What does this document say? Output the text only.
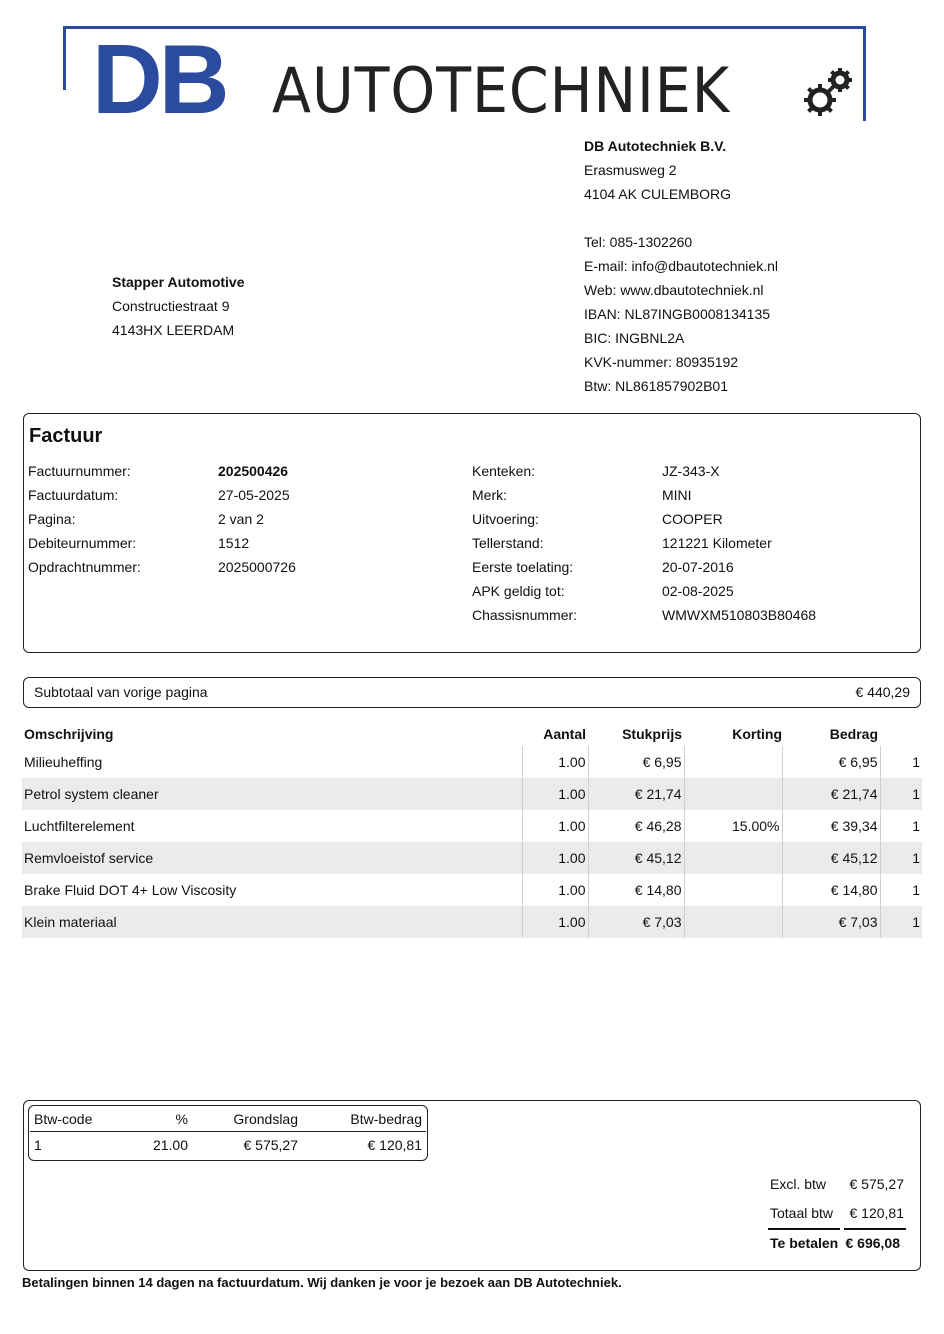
DB AUTOTECHNIEK
DB Autotechniek B.V.
Erasmusweg 2
4104 AK CULEMBORG
Tel: 085-1302260
E-mail: info@dbautotechniek.nl
Web: www.dbautotechniek.nl
IBAN: NL87INGB0008134135
BIC: INGBNL2A
KVK-nummer: 80935192
Btw: NL861857902B01
Stapper Automotive
Constructiestraat 9
4143HX LEERDAM
Factuur
Factuurnummer:	202500426
Factuurdatum:	27-05-2025
Pagina:	2 van 2
Debiteurnummer:	1512
Opdrachtnummer:	2025000726
Kenteken:	JZ-343-X
Merk:	MINI
Uitvoering:	COOPER
Tellerstand:	121221 Kilometer
Eerste toelating:	20-07-2016
APK geldig tot:	02-08-2025
Chassisnummer:	WMWXM510803B80468
Subtotaal van vorige pagina	€ 440,29
Omschrijving	Aantal	Stukprijs	Korting	Bedrag	
Milieuheffing	1.00	€ 6,95		€ 6,95	1
Petrol system cleaner	1.00	€ 21,74		€ 21,74	1
Luchtfilterelement	1.00	€ 46,28	15.00%	€ 39,34	1
Remvloeistof service	1.00	€ 45,12		€ 45,12	1
Brake Fluid DOT 4+ Low Viscosity	1.00	€ 14,80		€ 14,80	1
Klein materiaal	1.00	€ 7,03		€ 7,03	1
Btw-code	%	Grondslag	Btw-bedrag
1	21.00	€ 575,27	€ 120,81
Excl. btw	€ 575,27
Totaal btw	€ 120,81
Te betalen € 696,08
Betalingen binnen 14 dagen na factuurdatum. Wij danken je voor je bezoek aan DB Autotechniek.
